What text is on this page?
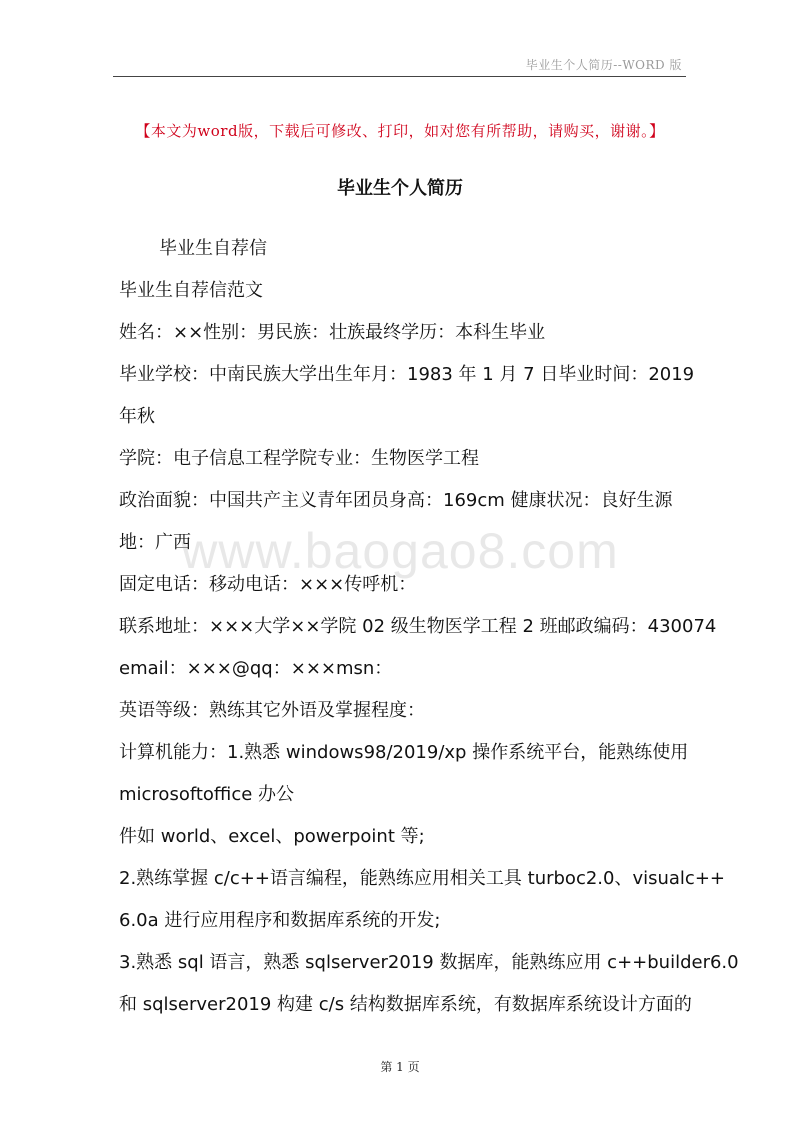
毕业生个人简历--WORD 版
【本文为word版，下载后可修改、打印，如对您有所帮助，请购买，谢谢。】
毕业生个人简历
毕业生自荐信
毕业生自荐信范文
姓名：××性别：男民族：壮族最终学历：本科生毕业
毕业学校：中南民族大学出生年月：1983 年 1 月 7 日毕业时间：2019
年秋
学院：电子信息工程学院专业：生物医学工程
政治面貌：中国共产主义青年团员身高：169cm 健康状况：良好生源
地：广西
固定电话：移动电话：×××传呼机：
联系地址：×××大学××学院 02 级生物医学工程 2 班邮政编码：430074
email：×××@qq：×××msn：
英语等级：熟练其它外语及掌握程度：
计算机能力：1.熟悉 windows98/2019/xp 操作系统平台，能熟练使用
microsoftoffice 办公
件如 world、excel、powerpoint 等;
2.熟练掌握 c/c++语言编程，能熟练应用相关工具 turboc2.0、visualc++
6.0a 进行应用程序和数据库系统的开发;
3.熟悉 sql 语言，熟悉 sqlserver2019 数据库，能熟练应用 c++builder6.0
和 sqlserver2019 构建 c/s 结构数据库系统，有数据库系统设计方面的
www.baogao8.com
第 1 页
